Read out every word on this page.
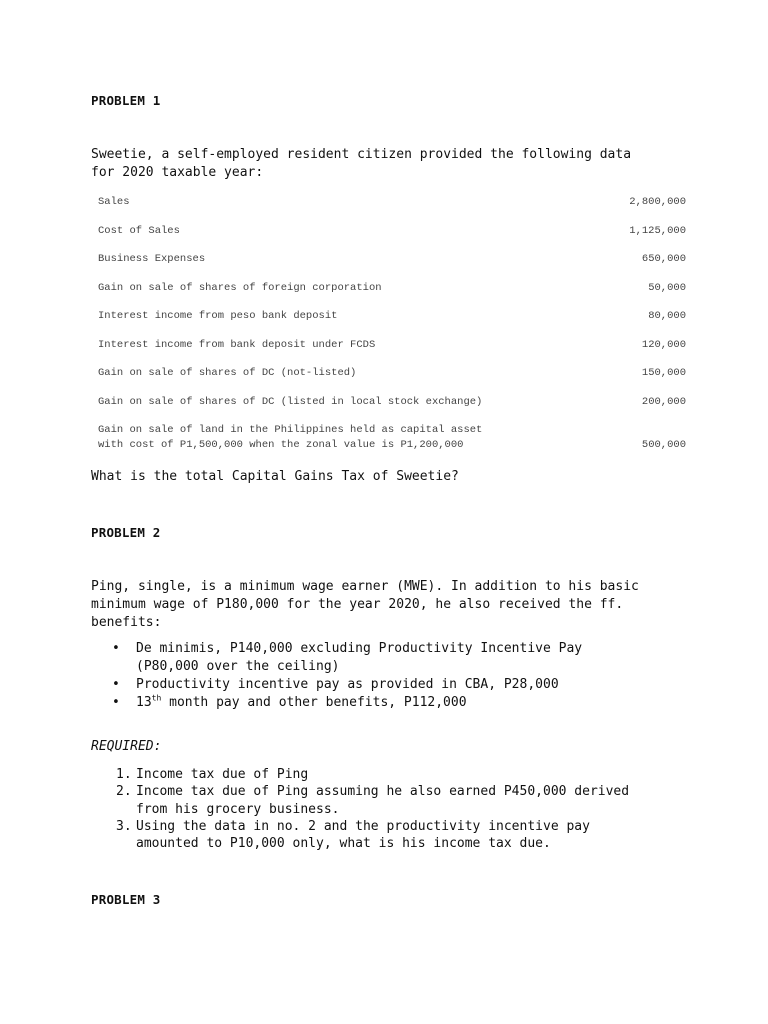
PROBLEM 1
Sweetie, a self-employed resident citizen provided the following data
for 2020 taxable year:
Sales	2,800,000
Cost of Sales	1,125,000
Business Expenses	650,000
Gain on sale of shares of foreign corporation	50,000
Interest income from peso bank deposit	80,000
Interest income from bank deposit under FCDS	120,000
Gain on sale of shares of DC (not-listed)	150,000
Gain on sale of shares of DC (listed in local stock exchange)	200,000
Gain on sale of land in the Philippines held as capital asset
with cost of P1,500,000 when the zonal value is P1,200,000	500,000
What is the total Capital Gains Tax of Sweetie?
PROBLEM 2
Ping, single, is a minimum wage earner (MWE). In addition to his basic
minimum wage of P180,000 for the year 2020, he also received the ff.
benefits:
• De minimis, P140,000 excluding Productivity Incentive Pay
(P80,000 over the ceiling)
• Productivity incentive pay as provided in CBA, P28,000
• 13th month pay and other benefits, P112,000
REQUIRED:
1. Income tax due of Ping
2. Income tax due of Ping assuming he also earned P450,000 derived
from his grocery business.
3. Using the data in no. 2 and the productivity incentive pay
amounted to P10,000 only, what is his income tax due.
PROBLEM 3
